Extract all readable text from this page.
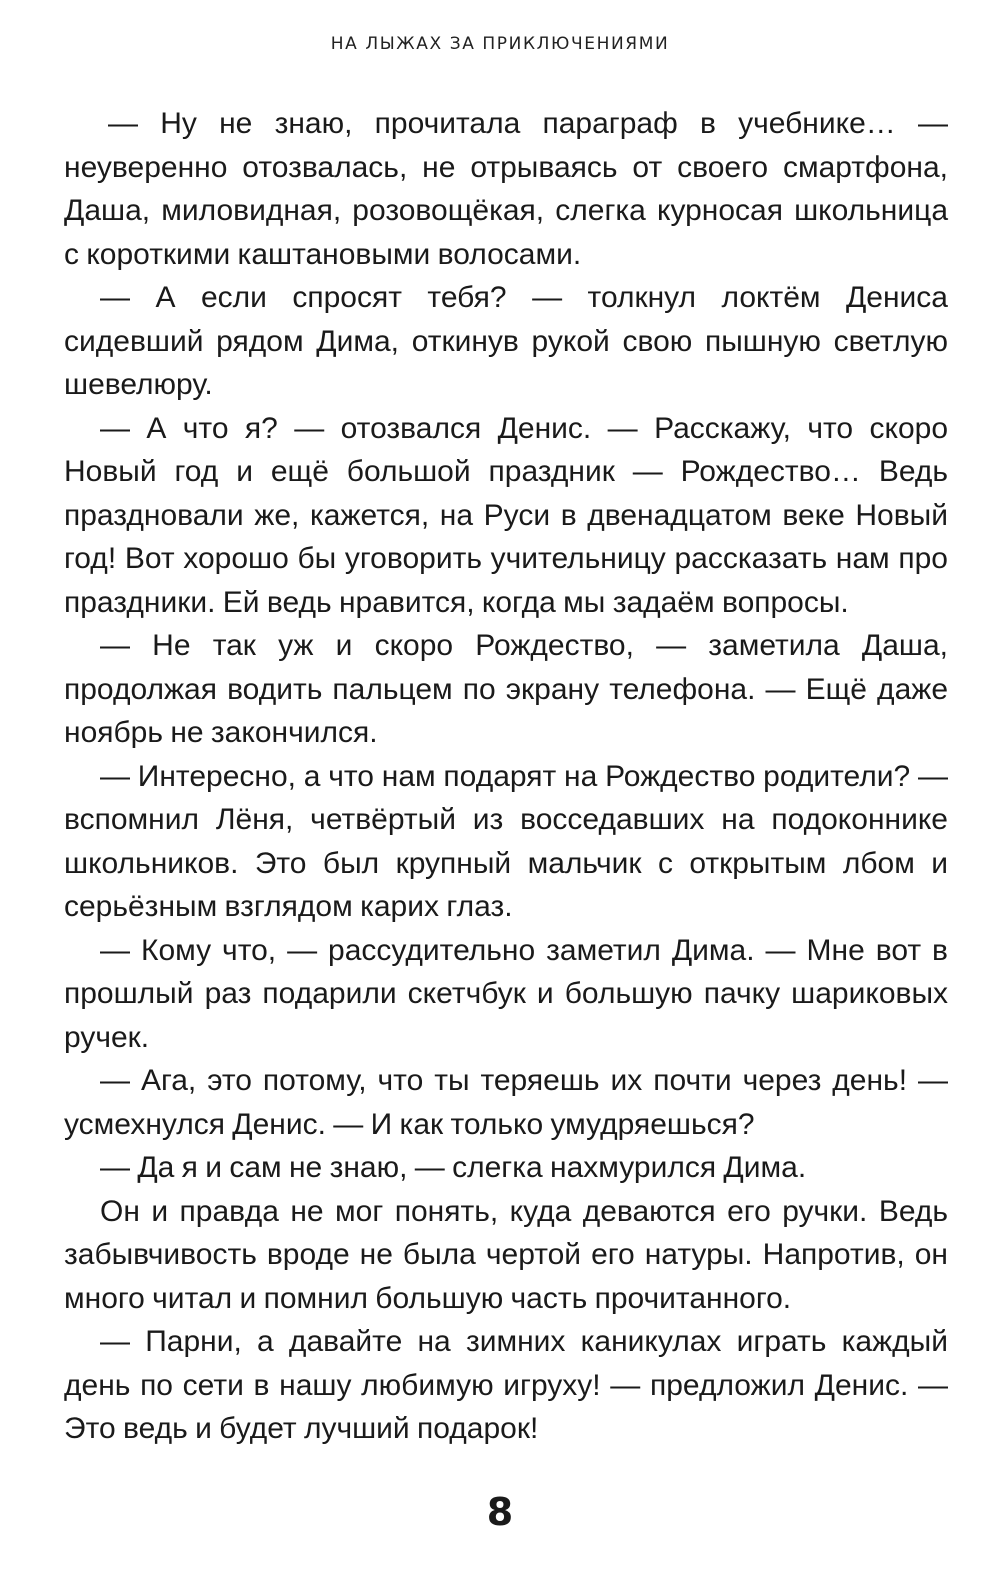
НА ЛЫЖАХ ЗА ПРИКЛЮЧЕНИЯМИ

— Ну не знаю, прочитала параграф в учебнике… — неуверенно отозвалась, не отрываясь от своего смартфона, Даша, миловидная, розовощёкая, слегка курносая школьница с короткими каштановыми волосами.

— А если спросят тебя? — толкнул локтём Дениса сидевший рядом Дима, откинув рукой свою пышную светлую шевелюру.

— А что я? — отозвался Денис. — Расскажу, что скоро Новый год и ещё большой праздник — Рождество… Ведь праздновали же, кажется, на Руси в двенадцатом веке Новый год! Вот хорошо бы уговорить учительницу рассказать нам про праздники. Ей ведь нравится, когда мы задаём вопросы.

— Не так уж и скоро Рождество, — заметила Даша, продолжая водить пальцем по экрану телефона. — Ещё даже ноябрь не закончился.

— Интересно, а что нам подарят на Рождество родители? — вспомнил Лёня, четвёртый из восседавших на подоконнике школьников. Это был крупный мальчик с открытым лбом и серьёзным взглядом карих глаз.

— Кому что, — рассудительно заметил Дима. — Мне вот в прошлый раз подарили скетчбук и большую пачку шариковых ручек.

— Ага, это потому, что ты теряешь их почти через день! — усмехнулся Денис. — И как только умудряешься?

— Да я и сам не знаю, — слегка нахмурился Дима.

Он и правда не мог понять, куда деваются его ручки. Ведь забывчивость вроде не была чертой его натуры. Напротив, он много читал и помнил большую часть прочитанного.

— Парни, а давайте на зимних каникулах играть каждый день по сети в нашу любимую игруху! — предложил Денис. — Это ведь и будет лучший подарок!

8
